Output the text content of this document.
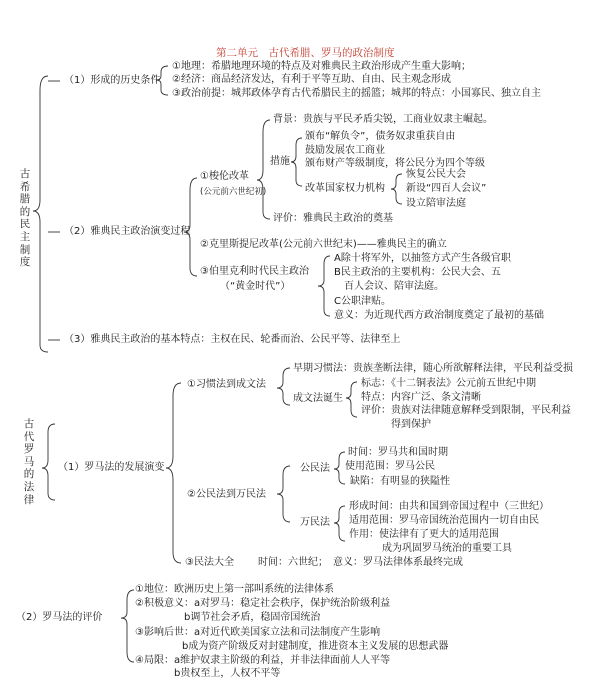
第二单元　古代希腊、罗马的政治制度
古希腊的民主制度
（1）形成的历史条件
①地理：希腊地理环境的特点及对雅典民主政治形成产生重大影响；
②经济：商品经济发达，有利于平等互助、自由、民主观念形成
③政治前提：城邦政体孕育古代希腊民主的摇篮；城邦的特点：小国寡民、独立自主
（2）雅典民主政治演变过程
①梭伦改革
(公元前六世纪初)
背景：贵族与平民矛盾尖锐，工商业奴隶主崛起。
措施
颁布“解负令”，债务奴隶重获自由
鼓励发展农工商业
颁布财产等级制度，将公民分为四个等级
改革国家权力机构
恢复公民大会
新设“四百人会议”
设立陪审法庭
评价：雅典民主政治的奠基
②克里斯提尼改革(公元前六世纪末)——雅典民主的确立
③伯里克利时代民主政治
（“黄金时代”）
A除十将军外，以抽签方式产生各级官职
B民主政治的主要机构：公民大会、五
百人会议、陪审法庭。
C公职津贴。
意义：为近现代西方政治制度奠定了最初的基础
（3）雅典民主政治的基本特点：主权在民、轮番而治、公民平等、法律至上
古代罗马的法律
（1）罗马法的发展演变
①习惯法到成文法
早期习惯法：贵族垄断法律，随心所欲解释法律，平民利益受损
成文法诞生
标志：《十二铜表法》公元前五世纪中期
特点：内容广泛、条文清晰
评价：贵族对法律随意解释受到限制，平民利益
得到保护
②公民法到万民法
公民法
时间：罗马共和国时期
使用范围：罗马公民
缺陷：有明显的狭隘性
万民法
形成时间：由共和国到帝国过程中（三世纪）
适用范围：罗马帝国统治范围内一切自由民
作用：使法律有了更大的适用范围
成为巩固罗马统治的重要工具
③民法大全 时间：六世纪；　意义：罗马法律体系最终完成
（2）罗马法的评价
①地位：欧洲历史上第一部叫系统的法律体系
②积极意义：a对罗马：稳定社会秩序，保护统治阶级利益
b调节社会矛盾，稳固帝国统治
③影响后世：a对近代欧美国家立法和司法制度产生影响
b成为资产阶级反对封建制度，推进资本主义发展的思想武器
④局限：a维护奴隶主阶级的利益，并非法律面前人人平等
b贵权至上，人权不平等
